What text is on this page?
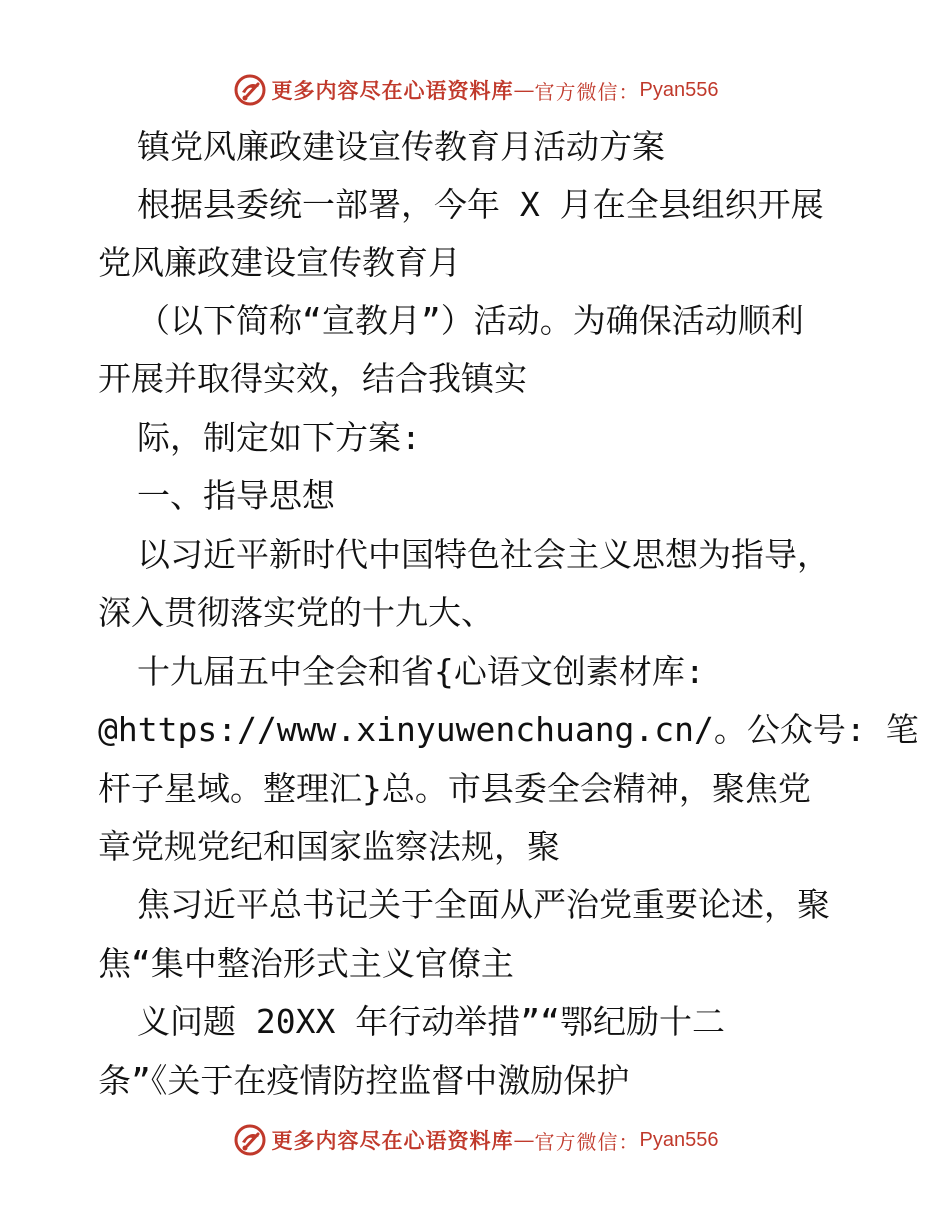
更多内容尽在心语资料库 — 官方微信： Pyan556
镇党风廉政建设宣传教育月活动方案
根据县委统一部署，今年 X 月在全县组织开展
党风廉政建设宣传教育月
（以下简称“宣教月”）活动。为确保活动顺利
开展并取得实效，结合我镇实
际，制定如下方案:
一、指导思想
以习近平新时代中国特色社会主义思想为指导，
深入贯彻落实党的十九大、
十九届五中全会和省{心语文创素材库:
@https://www.xinyuwenchuang.cn/。公众号: 笔
杆子星域。整理汇}总。市县委全会精神，聚焦党
章党规党纪和国家监察法规，聚
焦习近平总书记关于全面从严治党重要论述，聚
焦“集中整治形式主义官僚主
义问题 20XX 年行动举措”“鄂纪励十二
条”《关于在疫情防控监督中激励保护
更多内容尽在心语资料库 — 官方微信： Pyan556
